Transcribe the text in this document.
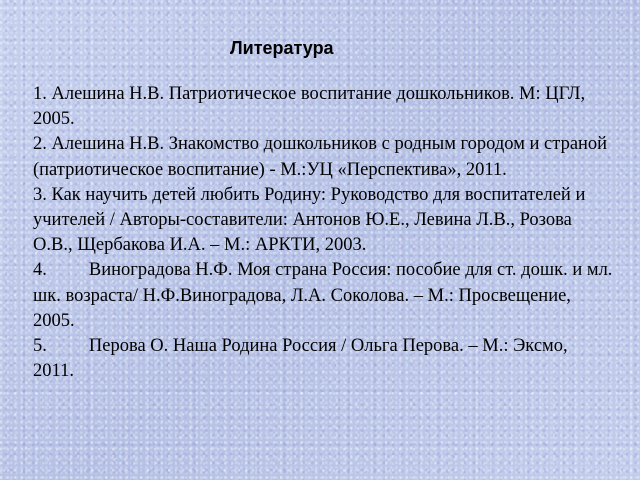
Литература

1. Алешина Н.В. Патриотическое воспитание дошкольников. М: ЦГЛ, 2005.

2. Алешина Н.В. Знакомство дошкольников с родным городом и страной (патриотическое воспитание) - М.:УЦ «Перспектива», 2011.

3. Как научить детей любить Родину: Руководство для воспитателей и учителей / Авторы-составители: Антонов Ю.Е., Левина Л.В., Розова О.В., Щербакова И.А. – М.: АРКТИ, 2003.

4. Виноградова Н.Ф. Моя страна Россия: пособие для ст. дошк. и мл. шк. возраста/ Н.Ф.Виноградова, Л.А. Соколова. – М.: Просвещение, 2005.

5. Перова О. Наша Родина Россия / Ольга Перова. – М.: Эксмо, 2011.
